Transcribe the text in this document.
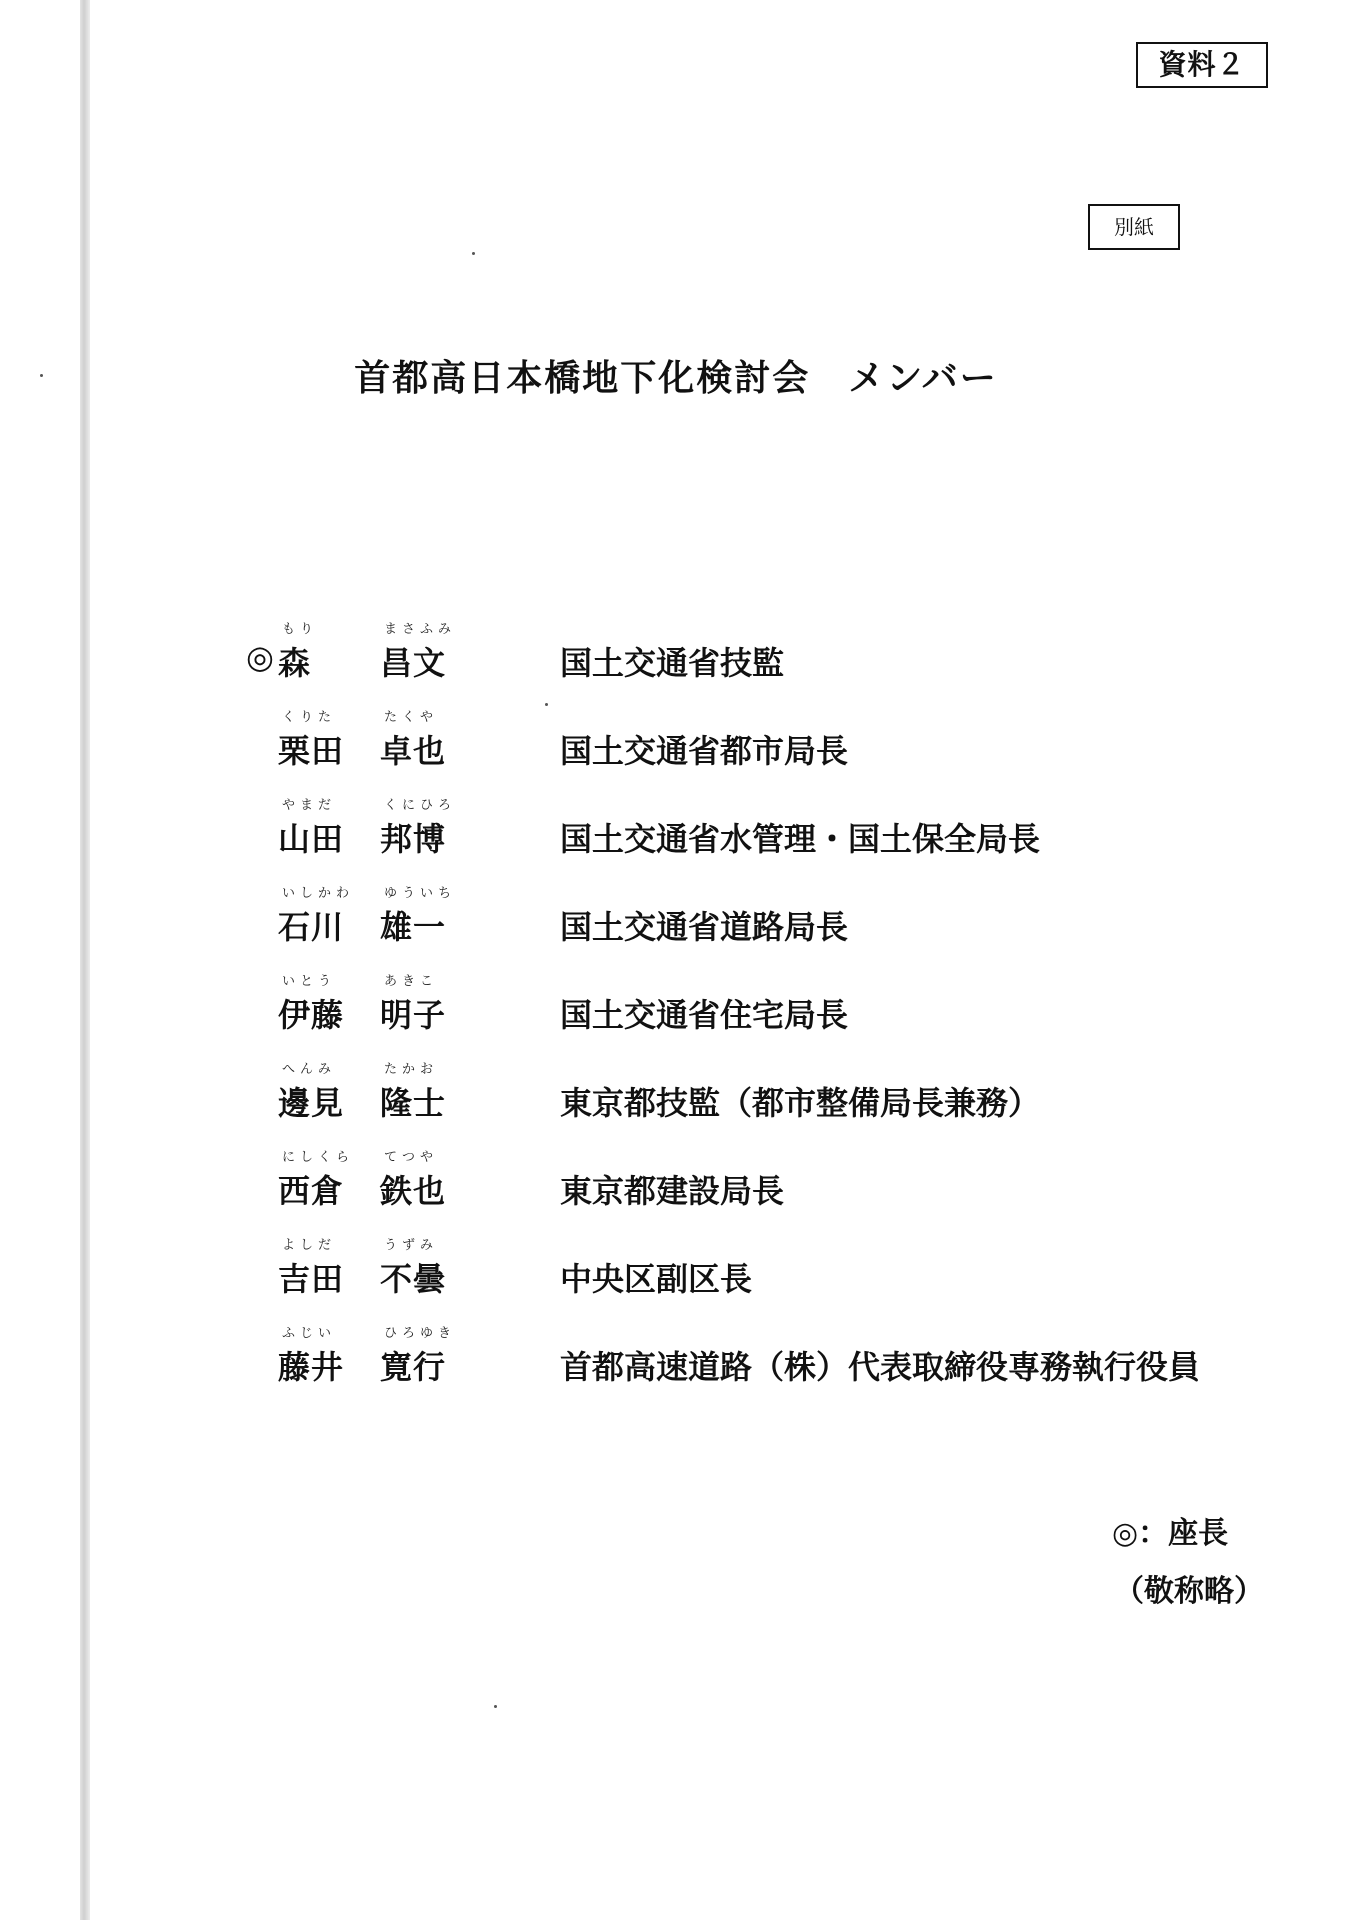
資料２
別紙
首都高日本橋地下化検討会　メンバー
もり	まさふみ
◎ 森 昌文	国土交通省技監
くりた	たくや
栗田 卓也	国土交通省都市局長
やまだ	くにひろ
山田 邦博	国土交通省水管理・国土保全局長
いしかわ ゆういち
石川 雄一	国土交通省道路局長
いとう	あきこ
伊藤 明子	国土交通省住宅局長
へんみ	たかお
邊見 隆士	東京都技監（都市整備局長兼務）
にしくら てつや
西倉 鉄也	東京都建設局長
よしだ	うずみ
吉田 不曇	中央区副区長
ふじい	ひろゆき
藤井 寛行	首都高速道路（株）代表取締役専務執行役員
◎：座長
（敬称略）
